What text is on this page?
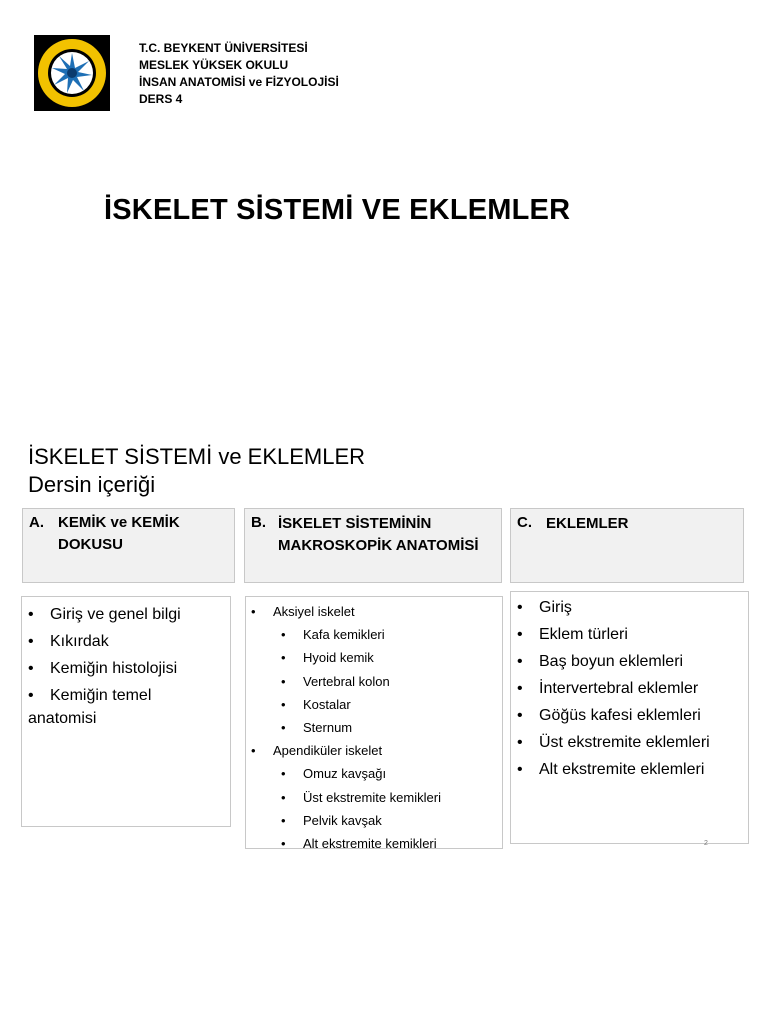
T.C. BEYKENT ÜNİVERSİTESİ
MESLEK YÜKSEK OKULU
İNSAN ANATOMİSİ ve FİZYOLOJİSİ
DERS 4
İSKELET SİSTEMİ VE EKLEMLER
İSKELET SİSTEMİ ve EKLEMLER
Dersin içeriği
A. KEMİK ve KEMİK
DOKUSU
B. İSKELET SİSTEMİNİN
MAKROSKOPİK ANATOMİSİ
C. EKLEMLER
• Giriş ve genel bilgi
• Kıkırdak
• Kemiğin histolojisi
• Kemiğin temel
anatomisi
• Aksiyel iskelet
• Kafa kemikleri
• Hyoid kemik
• Vertebral kolon
• Kostalar
• Sternum
• Apendiküler iskelet
• Omuz kavşağı
• Üst ekstremite kemikleri
• Pelvik kavşak
• Alt ekstremite kemikleri
• Giriş
• Eklem türleri
• Baş boyun eklemleri
• İntervertebral eklemler
• Göğüs kafesi eklemleri
• Üst ekstremite eklemleri
• Alt ekstremite eklemleri
2
